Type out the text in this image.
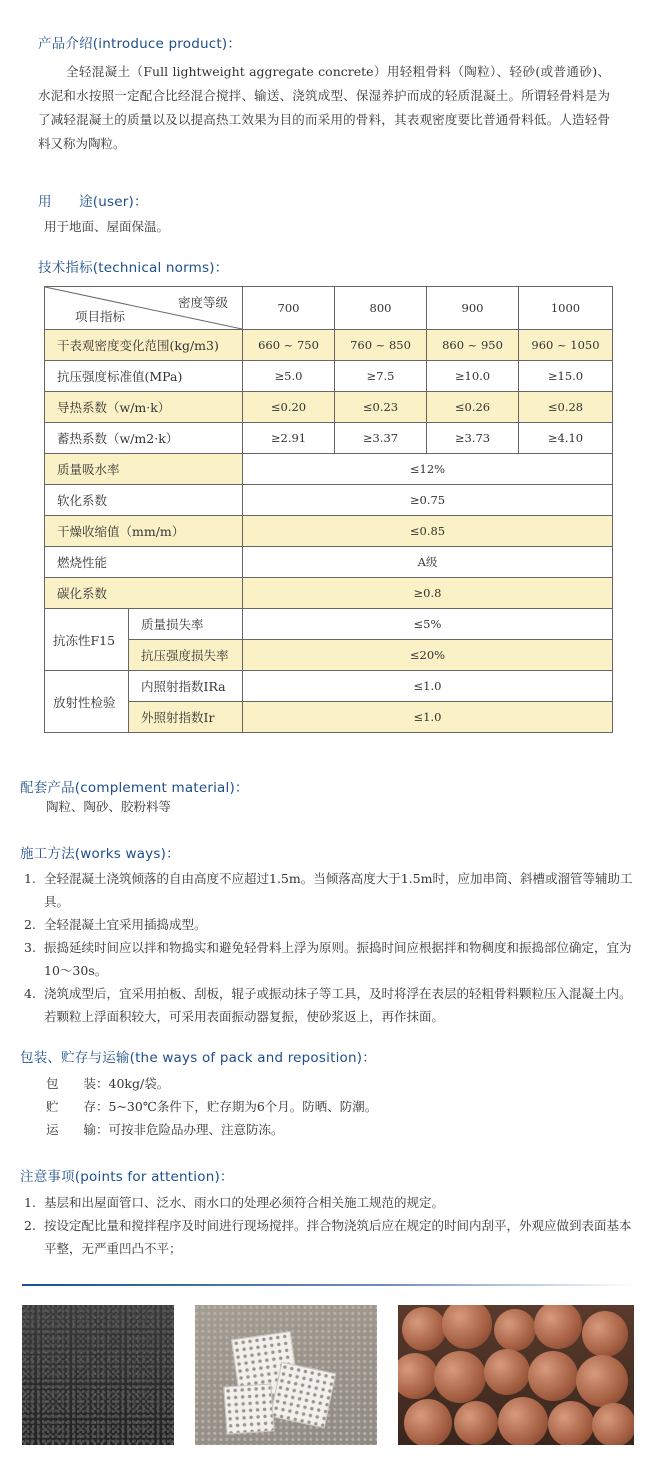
产品介绍(introduce product)：
全轻混凝土（Full lightweight aggregate concrete）用轻粗骨料（陶粒）、轻砂(或普通砂)、水泥和水按照一定配合比经混合搅拌、输送、浇筑成型、保湿养护而成的轻质混凝土。所谓轻骨料是为了减轻混凝土的质量以及以提高热工效果为目的而采用的骨料，其表观密度要比普通骨料低。人造轻骨料又称为陶粒。
用　　途(user)：
用于地面、屋面保温。
技术指标(technical norms)：
密度等级
项目指标		700	800	900	1000
干表观密度变化范围(kg/m3)		660 ~ 750	760 ~ 850	860 ~ 950	960 ~ 1050
抗压强度标准值(MPa)		≥5.0	≥7.5	≥10.0	≥15.0
导热系数（w/m·k）		≤0.20	≤0.23	≤0.26	≤0.28
蓄热系数（w/m2·k）		≥2.91	≥3.37	≥3.73	≥4.10
质量吸水率		≤12%			
软化系数		≥0.75			
干燥收缩值（mm/m）		≤0.85			
燃烧性能		A级			
碳化系数		≥0.8			
抗冻性F15	质量损失率	≤5%			
	抗压强度损失率	≤20%			
放射性检验	内照射指数IRa	≤1.0			
	外照射指数Ir	≤1.0			
配套产品(complement material)：
陶粒、陶砂、胶粉料等
施工方法(works ways)：
1. 全轻混凝土浇筑倾落的自由高度不应超过1.5m。当倾落高度大于1.5m时，应加串筒、斜槽或溜管等辅助工具。
2. 全轻混凝土宜采用插捣成型。
3. 振捣延续时间应以拌和物捣实和避免轻骨料上浮为原则。振捣时间应根据拌和物稠度和振捣部位确定，宜为10～30s。
4. 浇筑成型后，宜采用拍板、刮板，辊子或振动抹子等工具，及时将浮在表层的轻粗骨料颗粒压入混凝土内。若颗粒上浮面积较大，可采用表面振动器复振，使砂浆返上，再作抹面。
包装、贮存与运输(the ways of pack and reposition)：
包　　装：40kg/袋。
贮　　存：5~30℃条件下，贮存期为6个月。防晒、防潮。
运　　输：可按非危险品办理、注意防冻。
注意事项(points for attention)：
1. 基层和出屋面管口、泛水、雨水口的处理必须符合相关施工规范的规定。
2. 按设定配比量和搅拌程序及时间进行现场搅拌。拌合物浇筑后应在规定的时间内刮平，外观应做到表面基本平整，无严重凹凸不平；
